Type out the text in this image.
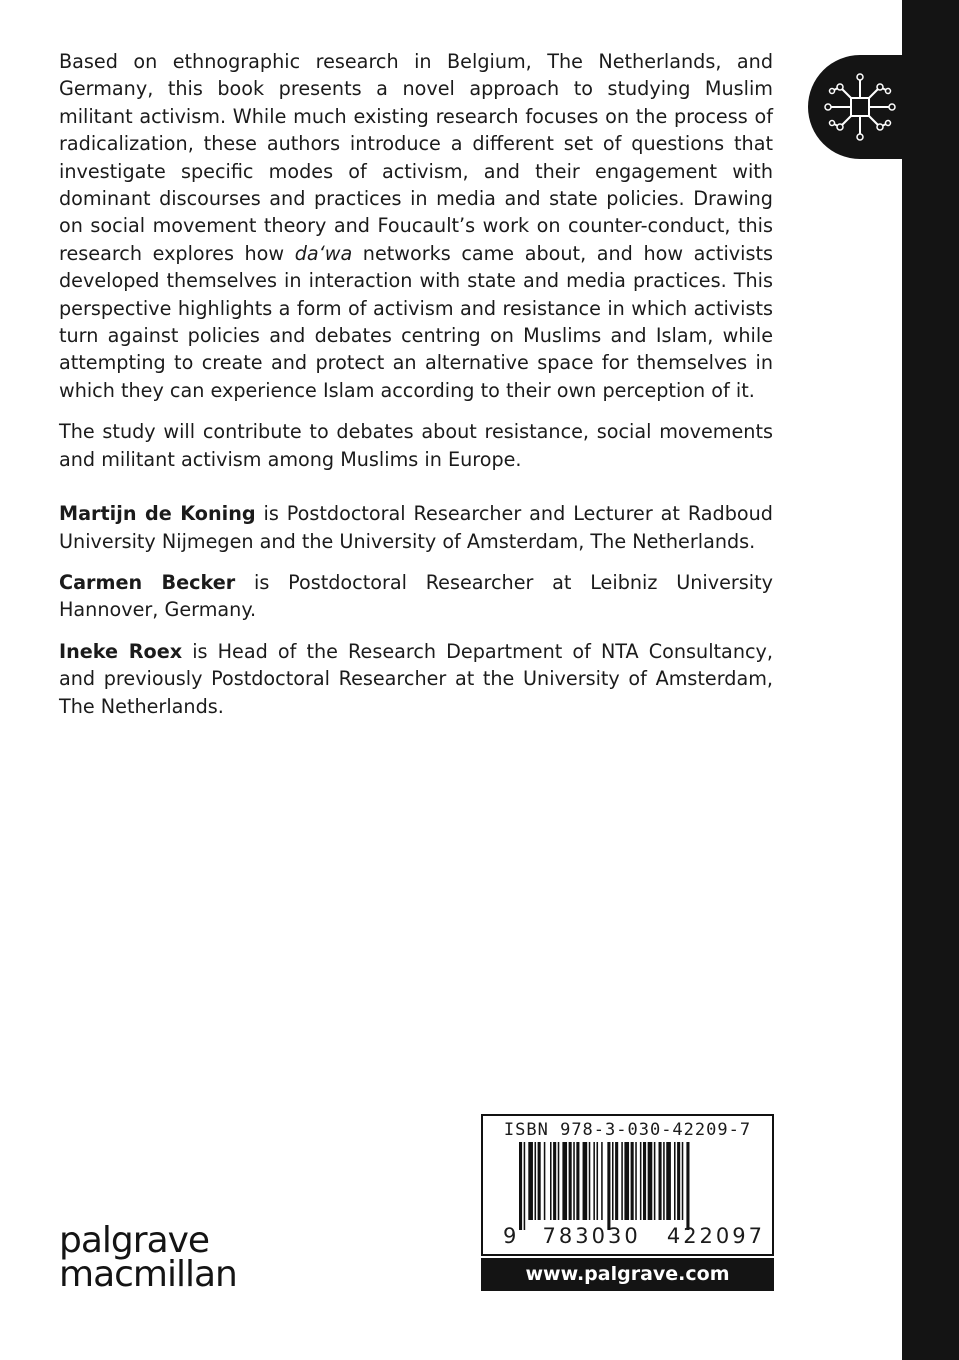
Based on ethnographic research in Belgium, The Netherlands, and Germany, this book presents a novel approach to studying Muslim militant activism. While much existing research focuses on the process of radicalization, these authors introduce a different set of questions that investigate specific modes of activism, and their engagement with dominant discourses and practices in media and state policies. Drawing on social movement theory and Foucault’s work on counter-conduct, this research explores how da‘wa networks came about, and how activists developed themselves in interaction with state and media practices. This perspective highlights a form of activism and resistance in which activists turn against policies and debates centring on Muslims and Islam, while attempting to create and protect an alternative space for themselves in which they can experience Islam according to their own perception of it.

The study will contribute to debates about resistance, social movements and militant activism among Muslims in Europe.

Martijn de Koning is Postdoctoral Researcher and Lecturer at Radboud University Nijmegen and the University of Amsterdam, The Netherlands.

Carmen Becker is Postdoctoral Researcher at Leibniz University Hannover, Germany.

Ineke Roex is Head of the Research Department of NTA Consultancy, and previously Postdoctoral Researcher at the University of Amsterdam, The Netherlands.

palgrave
macmillan
ISBN 978-3-030-42209-7
9 783030 422097
www.palgrave.com
